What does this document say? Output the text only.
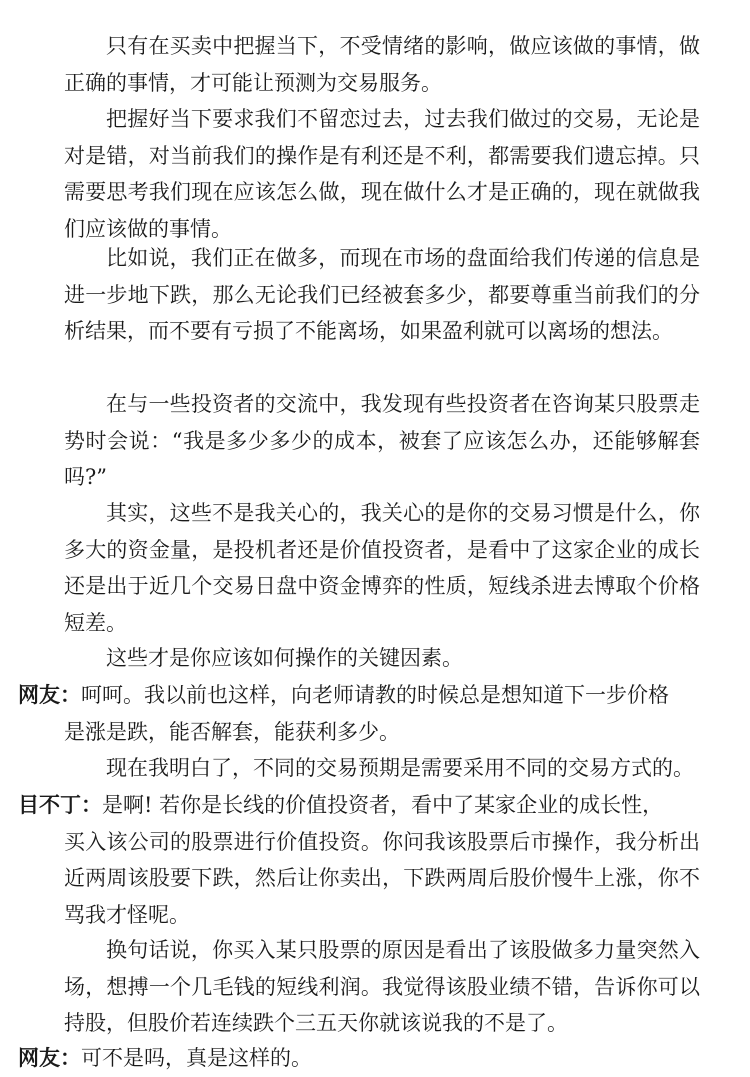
只有在买卖中把握当下，不受情绪的影响，做应该做的事情，做正确的事情，才可能让预测为交易服务。

把握好当下要求我们不留恋过去，过去我们做过的交易，无论是对是错，对当前我们的操作是有利还是不利，都需要我们遗忘掉。只需要思考我们现在应该怎么做，现在做什么才是正确的，现在就做我们应该做的事情。

比如说，我们正在做多，而现在市场的盘面给我们传递的信息是进一步地下跌，那么无论我们已经被套多少，都要尊重当前我们的分析结果，而不要有亏损了不能离场，如果盈利就可以离场的想法。

在与一些投资者的交流中，我发现有些投资者在咨询某只股票走势时会说：“我是多少多少的成本，被套了应该怎么办，还能够解套吗?”

其实，这些不是我关心的，我关心的是你的交易习惯是什么，你多大的资金量，是投机者还是价值投资者，是看中了这家企业的成长还是出于近几个交易日盘中资金博弈的性质，短线杀进去博取个价格短差。

这些才是你应该如何操作的关键因素。

网友：呵呵。我以前也这样，向老师请教的时候总是想知道下一步价格
是涨是跌，能否解套，能获利多少。

现在我明白了，不同的交易预期是需要采用不同的交易方式的。

目不丁：是啊! 若你是长线的价值投资者，看中了某家企业的成长性，
买入该公司的股票进行价值投资。你问我该股票后市操作，我分析出近两周该股要下跌，然后让你卖出，下跌两周后股价慢牛上涨，你不骂我才怪呢。

换句话说，你买入某只股票的原因是看出了该股做多力量突然入场，想搏一个几毛钱的短线利润。我觉得该股业绩不错，告诉你可以持股，但股价若连续跌个三五天你就该说我的不是了。

网友：可不是吗，真是这样的。
